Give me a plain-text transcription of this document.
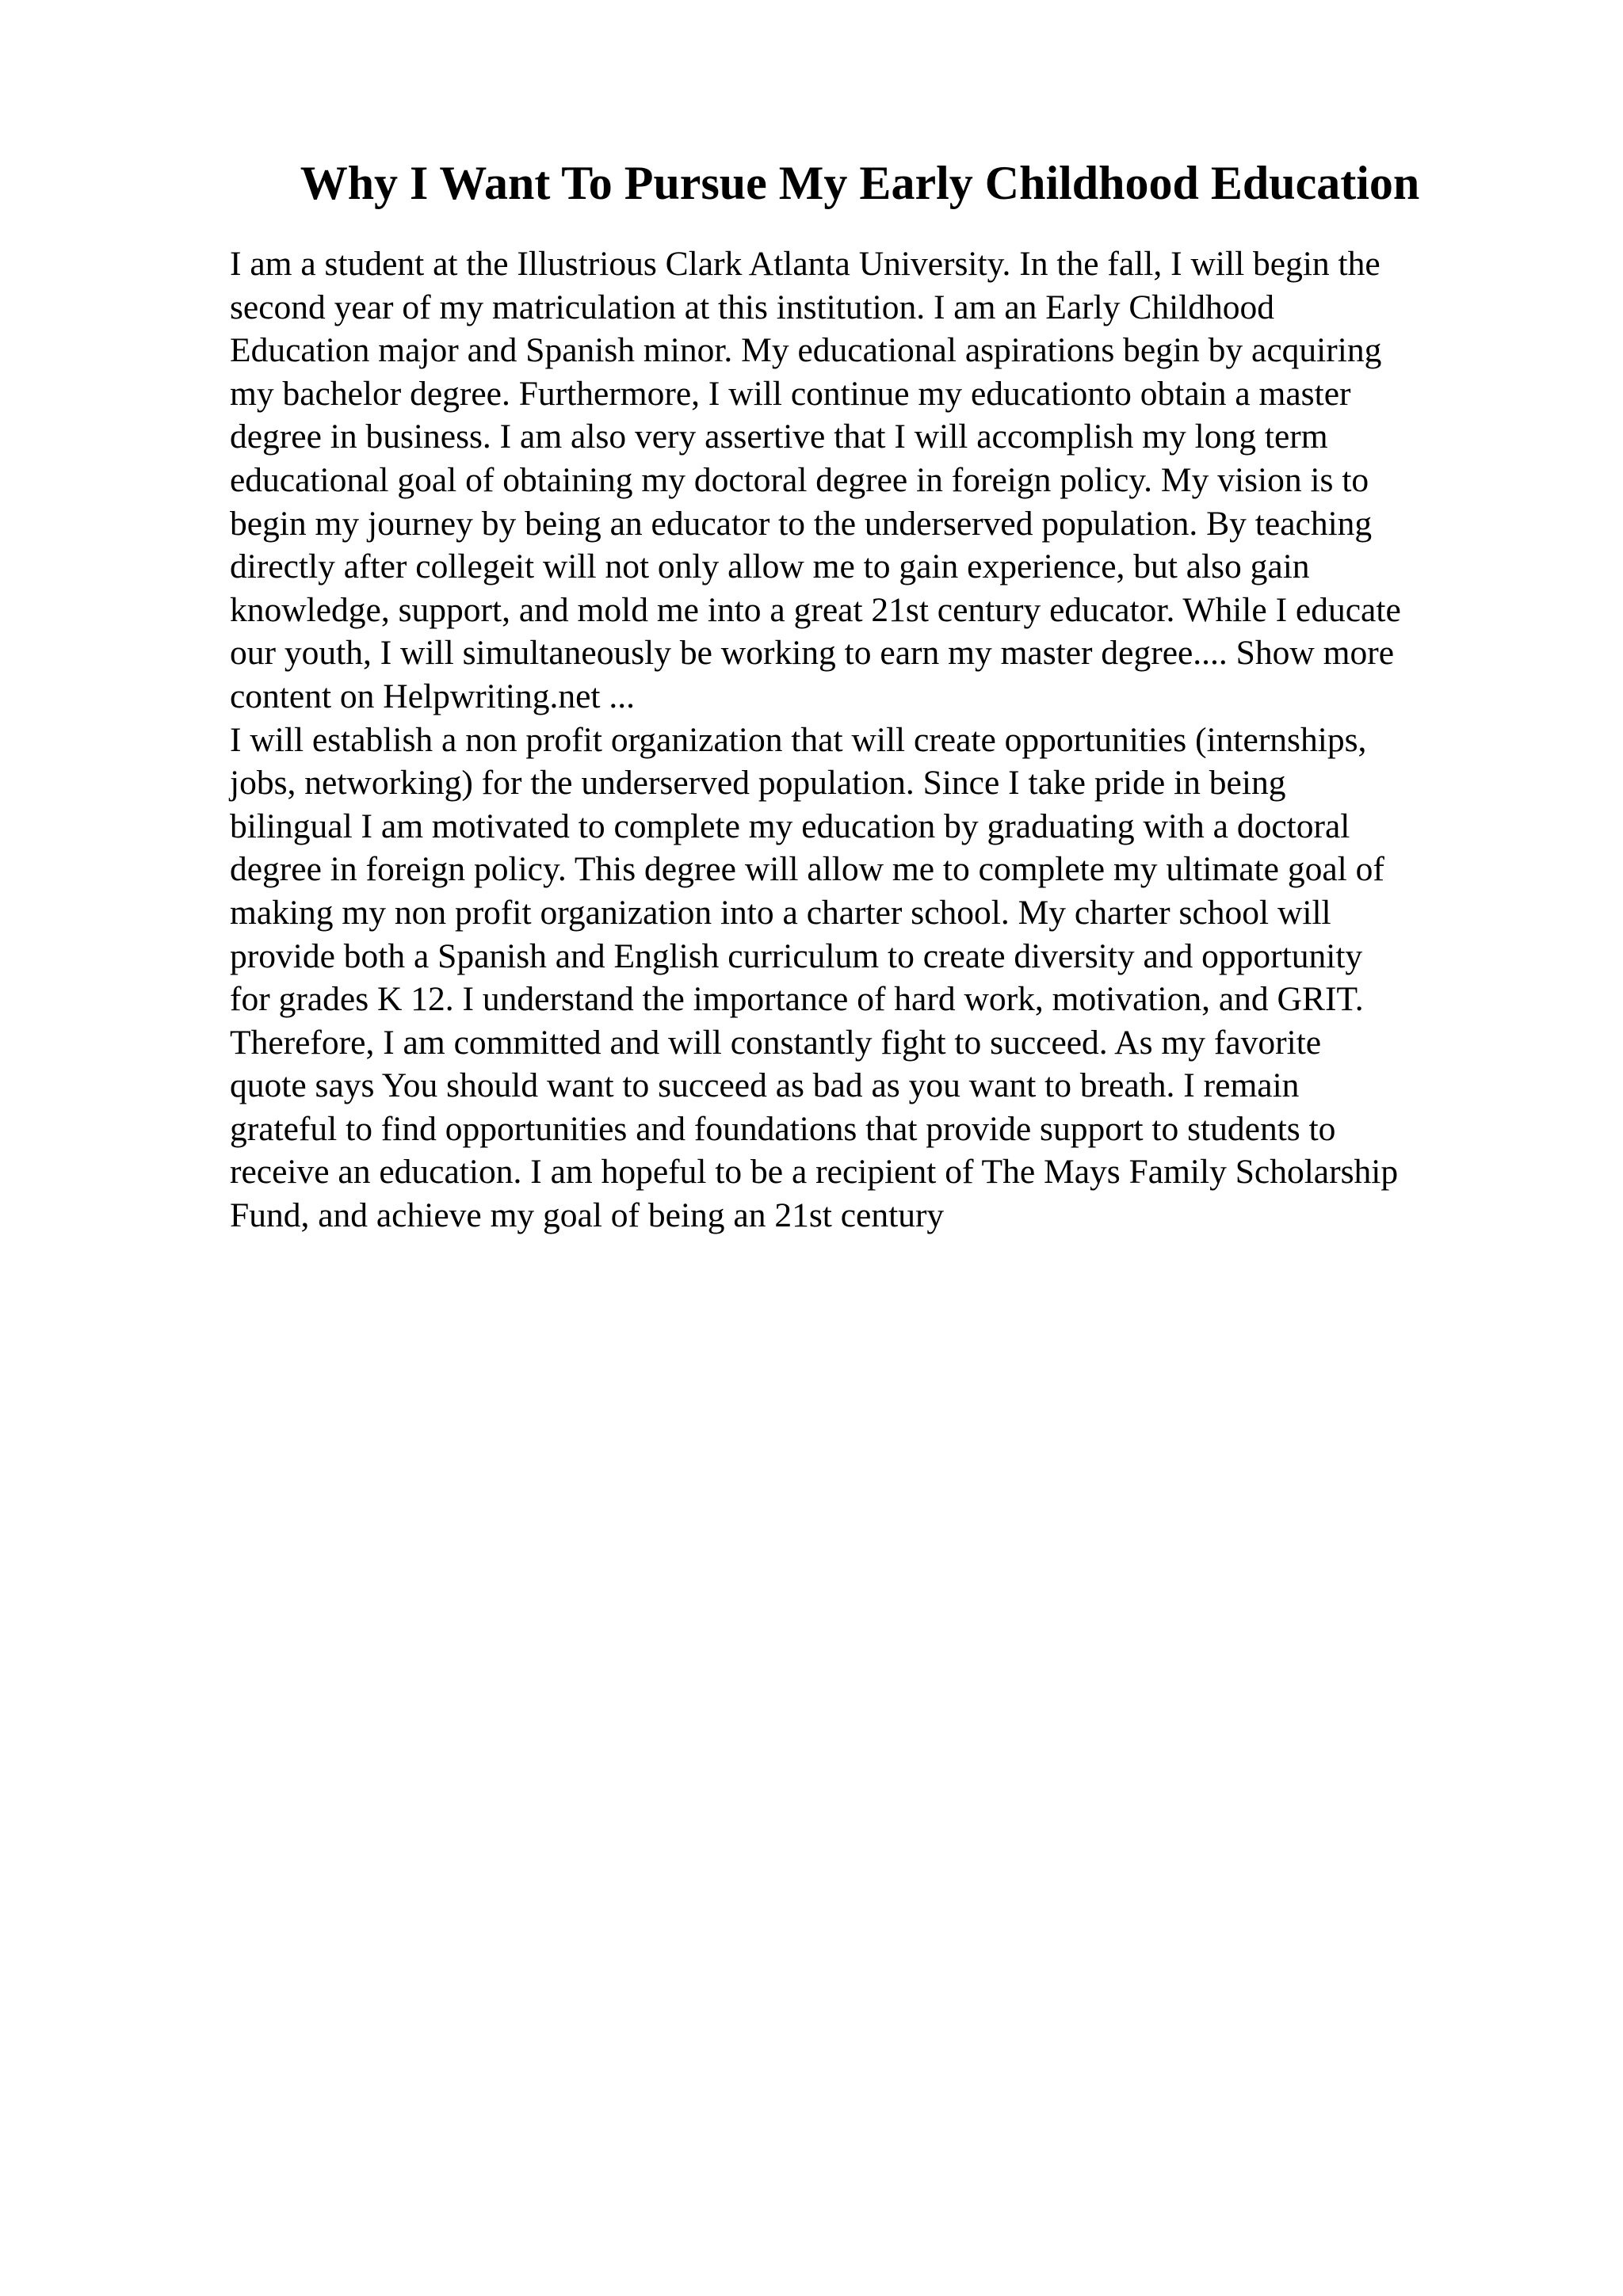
Why I Want To Pursue My Early Childhood Education
I am a student at the Illustrious Clark Atlanta University. In the fall, I will begin the
second year of my matriculation at this institution. I am an Early Childhood
Education major and Spanish minor. My educational aspirations begin by acquiring
my bachelor degree. Furthermore, I will continue my educationto obtain a master
degree in business. I am also very assertive that I will accomplish my long term
educational goal of obtaining my doctoral degree in foreign policy. My vision is to
begin my journey by being an educator to the underserved population. By teaching
directly after collegeit will not only allow me to gain experience, but also gain
knowledge, support, and mold me into a great 21st century educator. While I educate
our youth, I will simultaneously be working to earn my master degree.... Show more
content on Helpwriting.net ...
I will establish a non profit organization that will create opportunities (internships,
jobs, networking) for the underserved population. Since I take pride in being
bilingual I am motivated to complete my education by graduating with a doctoral
degree in foreign policy. This degree will allow me to complete my ultimate goal of
making my non profit organization into a charter school. My charter school will
provide both a Spanish and English curriculum to create diversity and opportunity
for grades K 12. I understand the importance of hard work, motivation, and GRIT.
Therefore, I am committed and will constantly fight to succeed. As my favorite
quote says You should want to succeed as bad as you want to breath. I remain
grateful to find opportunities and foundations that provide support to students to
receive an education. I am hopeful to be a recipient of The Mays Family Scholarship
Fund, and achieve my goal of being an 21st century
